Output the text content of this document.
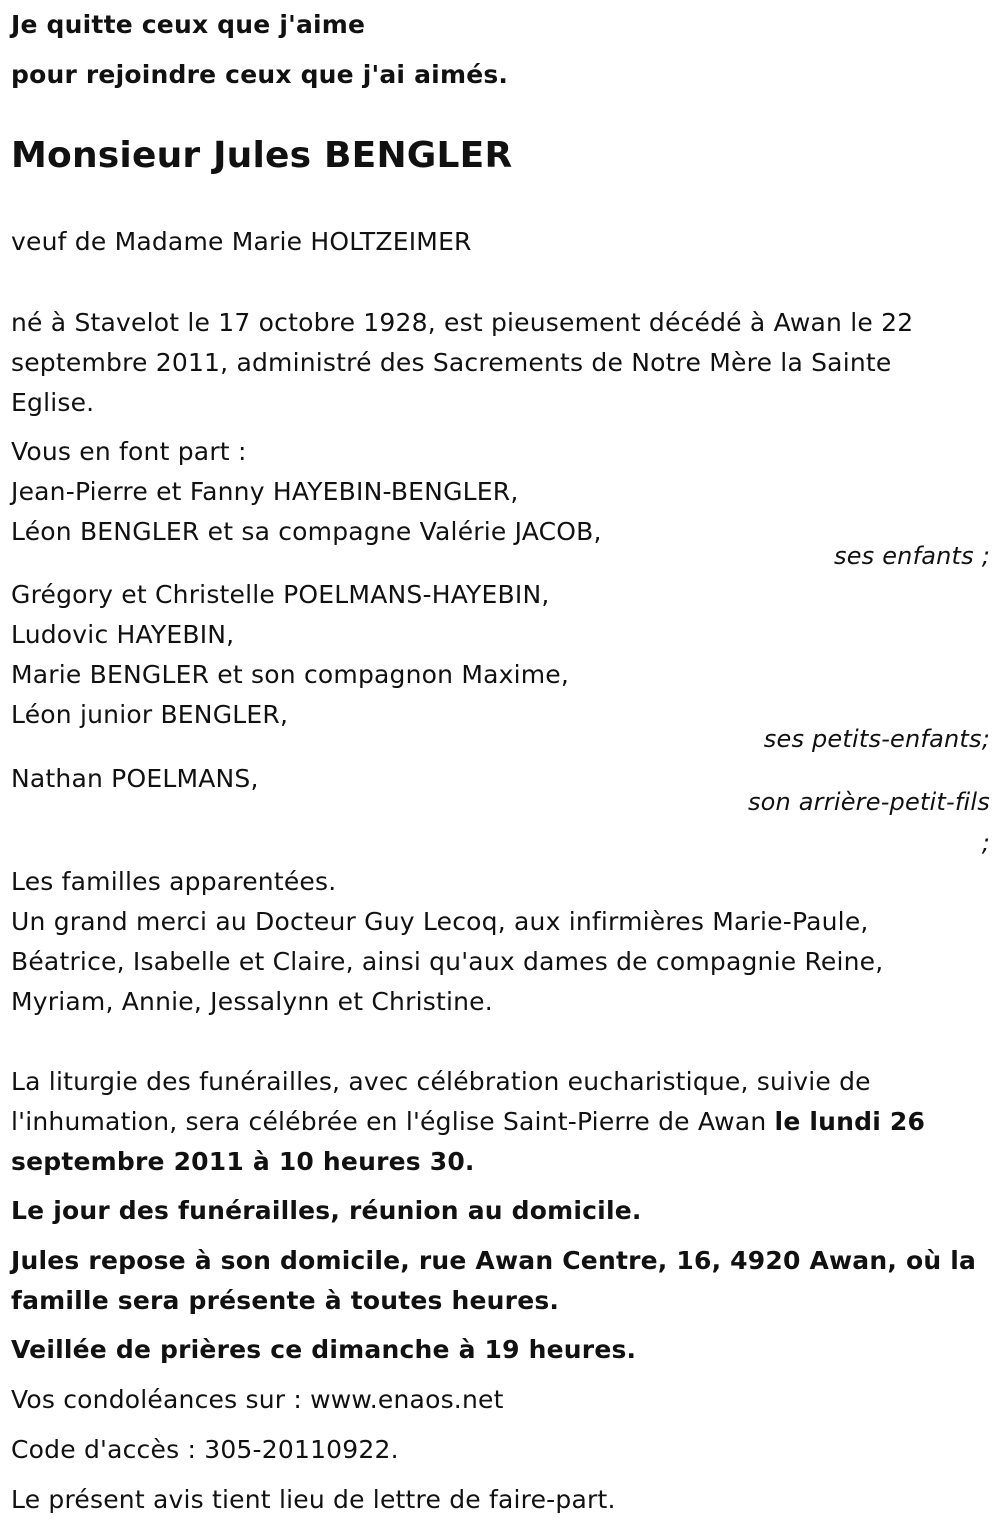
Je quitte ceux que j'aime
pour rejoindre ceux que j'ai aimés.
Monsieur Jules BENGLER
veuf de Madame Marie HOLTZEIMER
né à Stavelot le 17 octobre 1928, est pieusement décédé à Awan le 22
septembre 2011, administré des Sacrements de Notre Mère la Sainte
Eglise.
Vous en font part :
Jean-Pierre et Fanny HAYEBIN-BENGLER,
Léon BENGLER et sa compagne Valérie JACOB,
ses enfants ;
Grégory et Christelle POELMANS-HAYEBIN,
Ludovic HAYEBIN,
Marie BENGLER et son compagnon Maxime,
Léon junior BENGLER,
ses petits-enfants;
Nathan POELMANS,
son arrière-petit-fils
;
Les familles apparentées.
Un grand merci au Docteur Guy Lecoq, aux infirmières Marie-Paule,
Béatrice, Isabelle et Claire, ainsi qu'aux dames de compagnie Reine,
Myriam, Annie, Jessalynn et Christine.
La liturgie des funérailles, avec célébration eucharistique, suivie de
l'inhumation, sera célébrée en l'église Saint-Pierre de Awan le lundi 26
septembre 2011 à 10 heures 30.
Le jour des funérailles, réunion au domicile.
Jules repose à son domicile, rue Awan Centre, 16, 4920 Awan, où la
famille sera présente à toutes heures.
Veillée de prières ce dimanche à 19 heures.
Vos condoléances sur : www.enaos.net
Code d'accès : 305-20110922.
Le présent avis tient lieu de lettre de faire-part.
